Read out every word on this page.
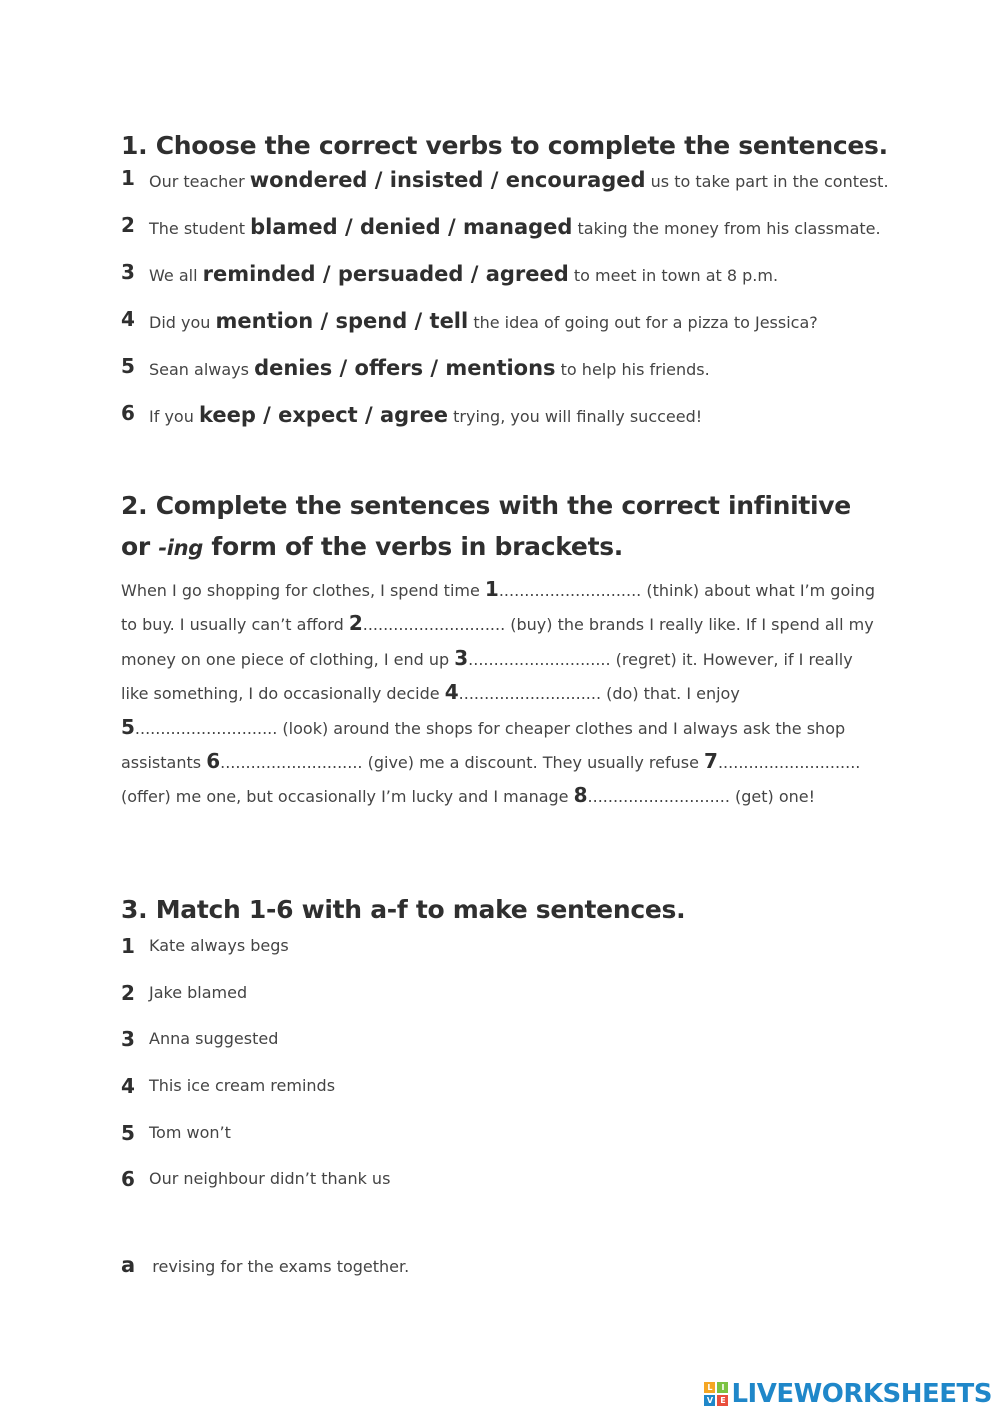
1. Choose the correct verbs to complete the sentences.
1 Our teacher wondered / insisted / encouraged us to take part in the contest.
2 The student blamed / denied / managed taking the money from his classmate.
3 We all reminded / persuaded / agreed to meet in town at 8 p.m.
4 Did you mention / spend / tell the idea of going out for a pizza to Jessica?
5 Sean always denies / offers / mentions to help his friends.
6 If you keep / expect / agree trying, you will finally succeed!
2. Complete the sentences with the correct infinitive or -ing form of the verbs in brackets.
When I go shopping for clothes, I spend time 1............................ (think) about what I’m going to buy. I usually can’t afford 2............................ (buy) the brands I really like. If I spend all my money on one piece of clothing, I end up 3............................ (regret) it. However, if I really like something, I do occasionally decide 4............................ (do) that. I enjoy
5............................ (look) around the shops for cheaper clothes and I always ask the shop assistants 6............................ (give) me a discount. They usually refuse 7............................ (offer) me one, but occasionally I’m lucky and I manage 8............................ (get) one!
3. Match 1-6 with a-f to make sentences.
1 Kate always begs
2 Jake blamed
3 Anna suggested
4 This ice cream reminds
5 Tom won’t
6 Our neighbour didn’t thank us
a revising for the exams together.
L	I
V E LIVEWORKSHEETS
